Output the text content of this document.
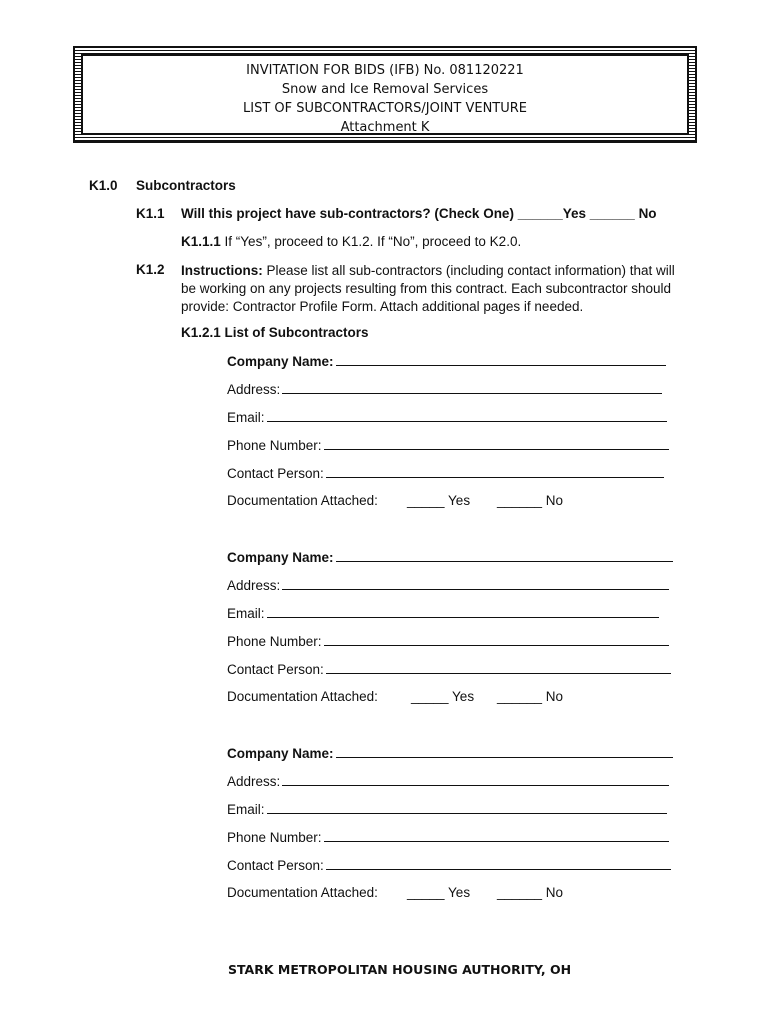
INVITATION FOR BIDS (IFB) No. 081120221
Snow and Ice Removal Services
LIST OF SUBCONTRACTORS/JOINT VENTURE
Attachment K
K1.0 Subcontractors
K1.1 Will this project have sub-contractors? (Check One) ______Yes ______ No
K1.1.1 If “Yes”, proceed to K1.2. If “No”, proceed to K2.0.
K1.2 Instructions: Please list all sub-contractors (including contact information) that will be working on any projects resulting from this contract. Each subcontractor should provide: Contractor Profile Form. Attach additional pages if needed.
K1.2.1 List of Subcontractors
Company Name:
Address:
Email:
Phone Number:
Contact Person:
Documentation Attached: _____ Yes ______ No
Company Name:
Address:
Email:
Phone Number:
Contact Person:
Documentation Attached: _____ Yes ______ No
Company Name:
Address:
Email:
Phone Number:
Contact Person:
Documentation Attached: _____ Yes ______ No
STARK METROPOLITAN HOUSING AUTHORITY, OH
